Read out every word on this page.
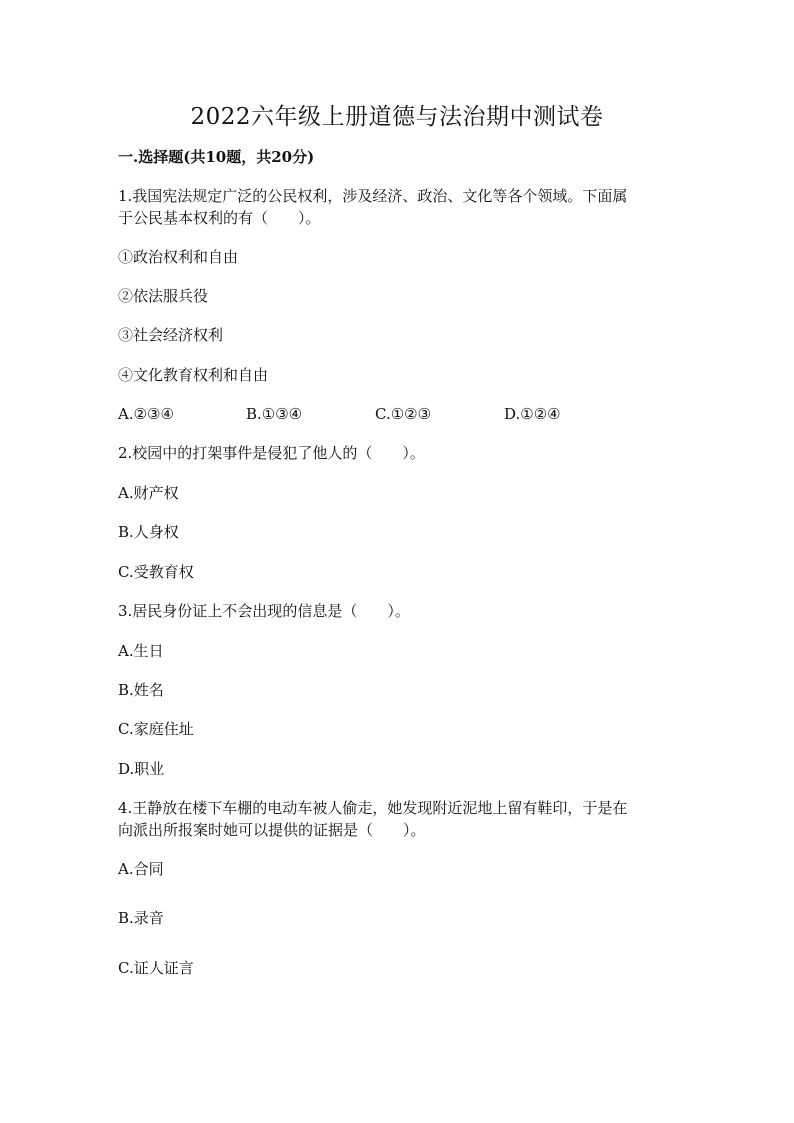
2022六年级上册道德与法治期中测试卷
一.选择题(共10题，共20分)
1.我国宪法规定广泛的公民权利，涉及经济、政治、文化等各个领域。下面属
于公民基本权利的有（　　）。
①政治权利和自由
②依法服兵役
③社会经济权利
④文化教育权利和自由
A.②③④	B.①③④	C.①②③	D.①②④
2.校园中的打架事件是侵犯了他人的（　　）。
A.财产权
B.人身权
C.受教育权
3.居民身份证上不会出现的信息是（　　）。
A.生日
B.姓名
C.家庭住址
D.职业
4.王静放在楼下车棚的电动车被人偷走，她发现附近泥地上留有鞋印，于是在
向派出所报案时她可以提供的证据是（　　）。
A.合同
B.录音
C.证人证言
